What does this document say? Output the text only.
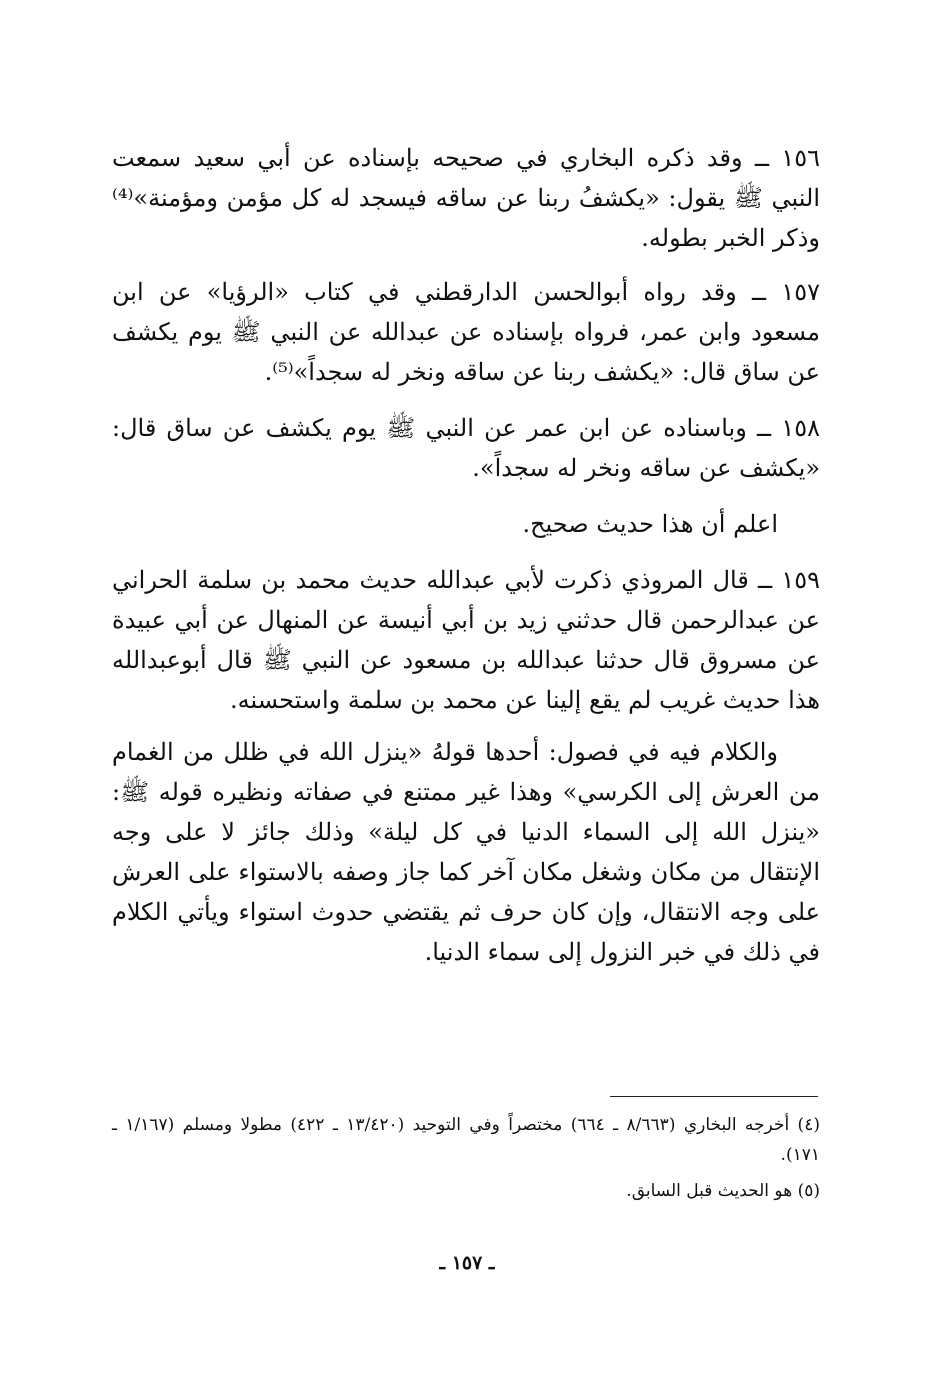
١٥٦ ــ وقد ذكره البخاري في صحيحه بإسناده عن أبي سعيد سمعت النبي ﷺ يقول: «يكشفُ ربنا عن ساقه فيسجد له كل مؤمن ومؤمنة»⁽⁴⁾ وذكر الخبر بطوله.

١٥٧ ــ وقد رواه أبوالحسن الدارقطني في كتاب «الرؤيا» عن ابن مسعود وابن عمر، فرواه بإسناده عن عبدالله عن النبي ﷺ يوم يكشف عن ساق قال: «يكشف ربنا عن ساقه ونخر له سجداً»⁽⁵⁾.

١٥٨ ــ وباسناده عن ابن عمر عن النبي ﷺ يوم يكشف عن ساق قال: «يكشف عن ساقه ونخر له سجداً».

اعلم أن هذا حديث صحيح.

١٥٩ ــ قال المروذي ذكرت لأبي عبدالله حديث محمد بن سلمة الحراني عن عبدالرحمن قال حدثني زيد بن أبي أنيسة عن المنهال عن أبي عبيدة عن مسروق قال حدثنا عبدالله بن مسعود عن النبي ﷺ قال أبوعبدالله هذا حديث غريب لم يقع إلينا عن محمد بن سلمة واستحسنه.

والكلام فيه في فصول: أحدها قولهُ «ينزل الله في ظلل من الغمام من العرش إلى الكرسي» وهذا غير ممتنع في صفاته ونظيره قوله ﷺ: «ينزل الله إلى السماء الدنيا في كل ليلة» وذلك جائز لا على وجه الإنتقال من مكان وشغل مكان آخر كما جاز وصفه بالاستواء على العرش على وجه الانتقال، وإن كان حرف ثم يقتضي حدوث استواء ويأتي الكلام في ذلك في خبر النزول إلى سماء الدنيا.

(٤) أخرجه البخاري (٨/٦٦٣ ـ ٦٦٤) مختصراً وفي التوحيد (١٣/٤٢٠ ـ ٤٢٢) مطولا ومسلم (١/١٦٧ ـ ١٧١).

(٥) هو الحديث قبل السابق.

ـ ١٥٧ ـ
